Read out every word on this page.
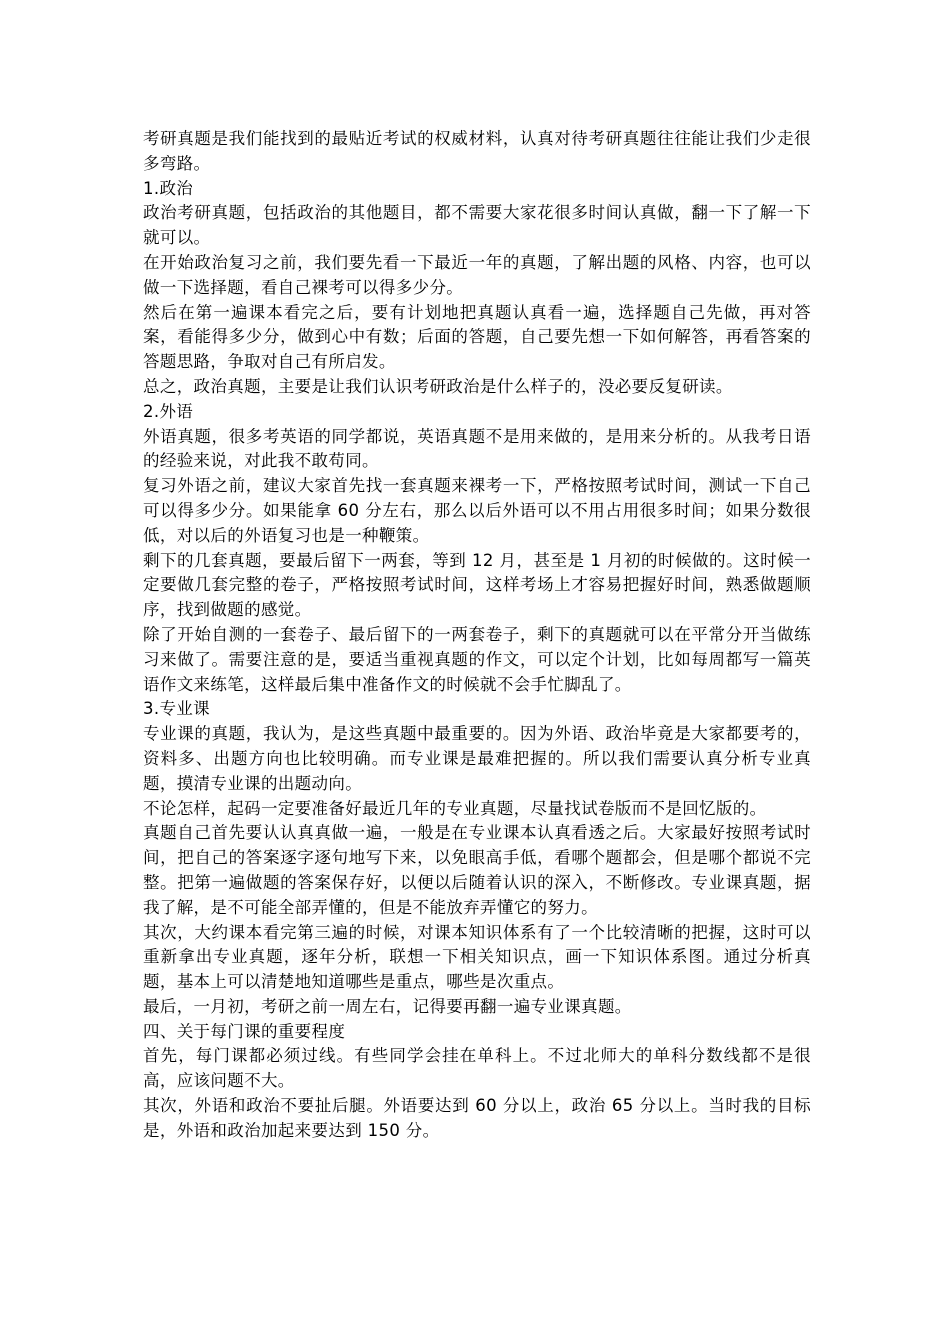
考研真题是我们能找到的最贴近考试的权威材料，认真对待考研真题往往能让我们少走很多弯路。

1.政治

政治考研真题，包括政治的其他题目，都不需要大家花很多时间认真做，翻一下了解一下就可以。

在开始政治复习之前，我们要先看一下最近一年的真题，了解出题的风格、内容，也可以做一下选择题，看自己裸考可以得多少分。

然后在第一遍课本看完之后，要有计划地把真题认真看一遍，选择题自己先做，再对答案，看能得多少分，做到心中有数；后面的答题，自己要先想一下如何解答，再看答案的答题思路，争取对自己有所启发。

总之，政治真题，主要是让我们认识考研政治是什么样子的，没必要反复研读。

2.外语

外语真题，很多考英语的同学都说，英语真题不是用来做的，是用来分析的。从我考日语的经验来说，对此我不敢苟同。

复习外语之前，建议大家首先找一套真题来裸考一下，严格按照考试时间，测试一下自己可以得多少分。如果能拿 60 分左右，那么以后外语可以不用占用很多时间；如果分数很低，对以后的外语复习也是一种鞭策。

剩下的几套真题，要最后留下一两套，等到 12 月，甚至是 1 月初的时候做的。这时候一定要做几套完整的卷子，严格按照考试时间，这样考场上才容易把握好时间，熟悉做题顺序，找到做题的感觉。

除了开始自测的一套卷子、最后留下的一两套卷子，剩下的真题就可以在平常分开当做练习来做了。需要注意的是，要适当重视真题的作文，可以定个计划，比如每周都写一篇英语作文来练笔，这样最后集中准备作文的时候就不会手忙脚乱了。

3.专业课

专业课的真题，我认为，是这些真题中最重要的。因为外语、政治毕竟是大家都要考的，资料多、出题方向也比较明确。而专业课是最难把握的。所以我们需要认真分析专业真题，摸清专业课的出题动向。

不论怎样，起码一定要准备好最近几年的专业真题，尽量找试卷版而不是回忆版的。

真题自己首先要认认真真做一遍，一般是在专业课本认真看透之后。大家最好按照考试时间，把自己的答案逐字逐句地写下来，以免眼高手低，看哪个题都会，但是哪个都说不完整。把第一遍做题的答案保存好，以便以后随着认识的深入，不断修改。专业课真题，据我了解，是不可能全部弄懂的，但是不能放弃弄懂它的努力。

其次，大约课本看完第三遍的时候，对课本知识体系有了一个比较清晰的把握，这时可以重新拿出专业真题，逐年分析，联想一下相关知识点，画一下知识体系图。通过分析真题，基本上可以清楚地知道哪些是重点，哪些是次重点。

最后，一月初，考研之前一周左右，记得要再翻一遍专业课真题。

四、关于每门课的重要程度

首先，每门课都必须过线。有些同学会挂在单科上。不过北师大的单科分数线都不是很高，应该问题不大。

其次，外语和政治不要扯后腿。外语要达到 60 分以上，政治 65 分以上。当时我的目标是，外语和政治加起来要达到 150 分。
